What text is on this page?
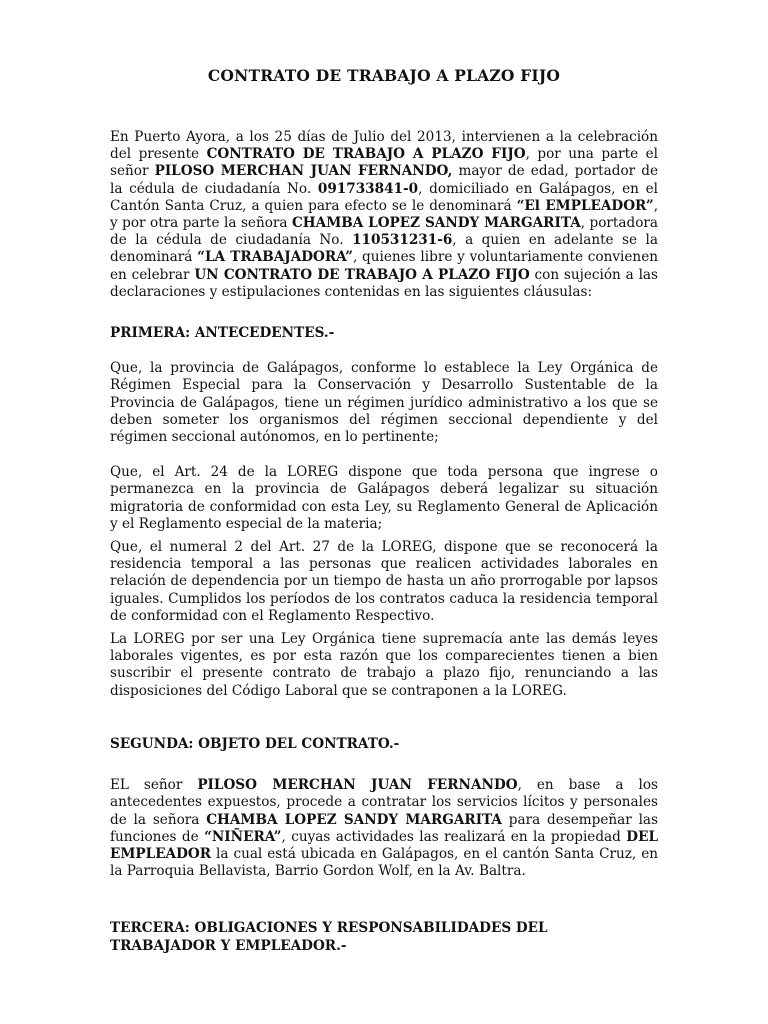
CONTRATO DE TRABAJO A PLAZO FIJO

En Puerto Ayora, a los 25 días de Julio del 2013, intervienen a la celebración del presente CONTRATO DE TRABAJO A PLAZO FIJO, por una parte el señor PILOSO MERCHAN JUAN FERNANDO, mayor de edad, portador de la cédula de ciudadanía No. 091733841-0, domiciliado en Galápagos, en el Cantón Santa Cruz, a quien para efecto se le denominará “El EMPLEADOR”, y por otra parte la señora CHAMBA LOPEZ SANDY MARGARITA, portadora de la cédula de ciudadanía No. 110531231-6, a quien en adelante se la denominará “LA TRABAJADORA”, quienes libre y voluntariamente convienen en celebrar UN CONTRATO DE TRABAJO A PLAZO FIJO con sujeción a las declaraciones y estipulaciones contenidas en las siguientes cláusulas:

PRIMERA: ANTECEDENTES.-

Que, la provincia de Galápagos, conforme lo establece la Ley Orgánica de Régimen Especial para la Conservación y Desarrollo Sustentable de la Provincia de Galápagos, tiene un régimen jurídico administrativo a los que se deben someter los organismos del régimen seccional dependiente y del régimen seccional autónomos, en lo pertinente;

Que, el Art. 24 de la LOREG dispone que toda persona que ingrese o permanezca en la provincia de Galápagos deberá legalizar su situación migratoria de conformidad con esta Ley, su Reglamento General de Aplicación y el Reglamento especial de la materia;

Que, el numeral 2 del Art. 27 de la LOREG, dispone que se reconocerá la residencia temporal a las personas que realicen actividades laborales en relación de dependencia por un tiempo de hasta un año prorrogable por lapsos iguales. Cumplidos los períodos de los contratos caduca la residencia temporal de conformidad con el Reglamento Respectivo.

La LOREG por ser una Ley Orgánica tiene supremacía ante las demás leyes laborales vigentes, es por esta razón que los comparecientes tienen a bien suscribir el presente contrato de trabajo a plazo fijo, renunciando a las disposiciones del Código Laboral que se contraponen a la LOREG.

SEGUNDA: OBJETO DEL CONTRATO.-

EL señor PILOSO MERCHAN JUAN FERNANDO, en base a los antecedentes expuestos, procede a contratar los servicios lícitos y personales de la señora CHAMBA LOPEZ SANDY MARGARITA para desempeñar las funciones de “NIÑERA”, cuyas actividades las realizará en la propiedad DEL EMPLEADOR la cual está ubicada en Galápagos, en el cantón Santa Cruz, en la Parroquia Bellavista, Barrio Gordon Wolf, en la Av. Baltra.

TERCERA: OBLIGACIONES Y RESPONSABILIDADES DEL TRABAJADOR Y EMPLEADOR.-
